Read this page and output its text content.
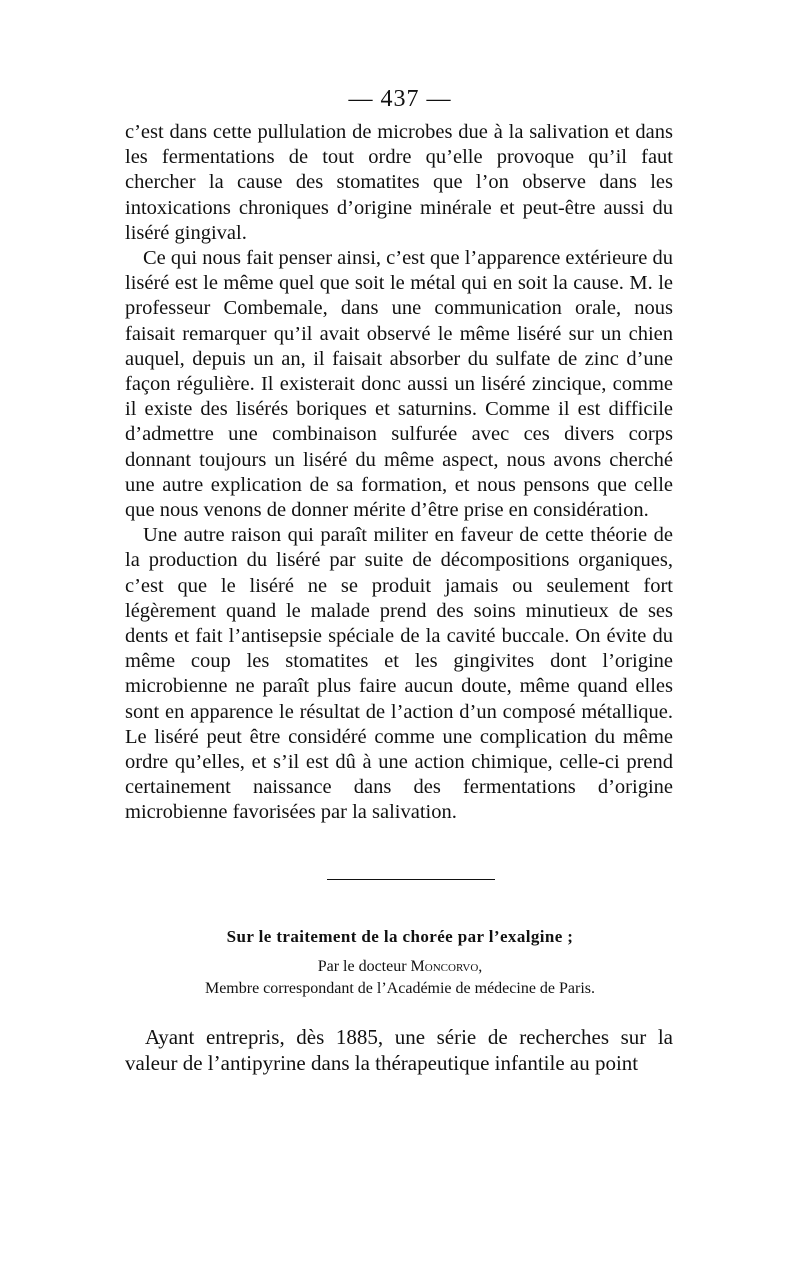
— 437 —

c’est dans cette pullulation de microbes due à la salivation et dans les fermentations de tout ordre qu’elle provoque qu’il faut chercher la cause des stomatites que l’on observe dans les intoxications chroniques d’origine minérale et peut-être aussi du liséré gingival.

Ce qui nous fait penser ainsi, c’est que l’apparence extérieure du liséré est le même quel que soit le métal qui en soit la cause. M. le professeur Combemale, dans une communication orale, nous faisait remarquer qu’il avait observé le même liséré sur un chien auquel, depuis un an, il faisait absorber du sulfate de zinc d’une façon régulière. Il existerait donc aussi un liséré zincique, comme il existe des lisérés boriques et saturnins. Comme il est difficile d’admettre une combinaison sulfurée avec ces divers corps donnant toujours un liséré du même aspect, nous avons cherché une autre explication de sa formation, et nous pensons que celle que nous venons de donner mérite d’être prise en considération.

Une autre raison qui paraît militer en faveur de cette théorie de la production du liséré par suite de décompositions organiques, c’est que le liséré ne se produit jamais ou seulement fort légèrement quand le malade prend des soins minutieux de ses dents et fait l’antisepsie spéciale de la cavité buccale. On évite du même coup les stomatites et les gingivites dont l’origine microbienne ne paraît plus faire aucun doute, même quand elles sont en apparence le résultat de l’action d’un composé métallique. Le liséré peut être considéré comme une complication du même ordre qu’elles, et s’il est dû à une action chimique, celle-ci prend certainement naissance dans des fermentations d’origine microbienne favorisées par la salivation.

Sur le traitement de la chorée par l’exalgine ;
Par le docteur Moncorvo,
Membre correspondant de l’Académie de médecine de Paris.

Ayant entrepris, dès 1885, une série de recherches sur la valeur de l’antipyrine dans la thérapeutique infantile au point
